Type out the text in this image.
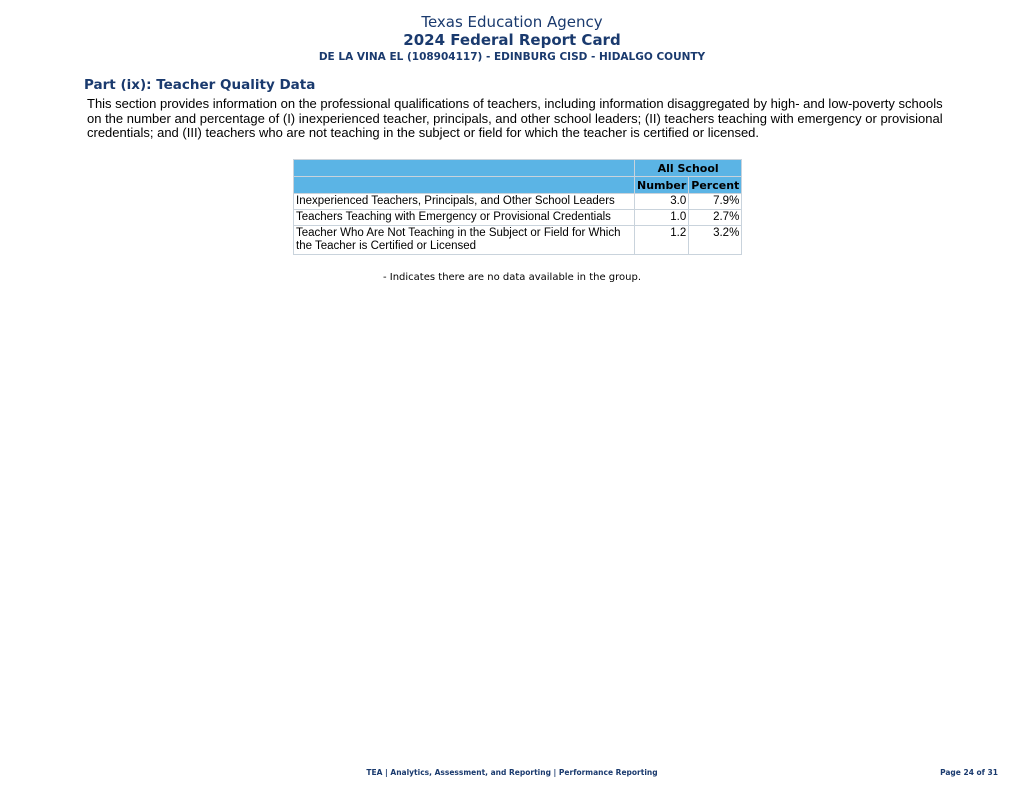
Texas Education Agency
2024 Federal Report Card
DE LA VINA EL (108904117) - EDINBURG CISD - HIDALGO COUNTY
Part (ix): Teacher Quality Data
This section provides information on the professional qualifications of teachers, including information disaggregated by high- and low-poverty schools on the number and percentage of (I) inexperienced teacher, principals, and other school leaders; (II) teachers teaching with emergency or provisional credentials; and (III) teachers who are not teaching in the subject or field for which the teacher is certified or licensed.
	All School	
	Number	Percent
Inexperienced Teachers, Principals, and Other School Leaders	3.0	7.9%
Teachers Teaching with Emergency or Provisional Credentials	1.0	2.7%
Teacher Who Are Not Teaching in the Subject or Field for Which the Teacher is Certified or Licensed	1.2	3.2%
- Indicates there are no data available in the group.
TEA | Analytics, Assessment, and Reporting | Performance Reporting	Page 24 of 31
